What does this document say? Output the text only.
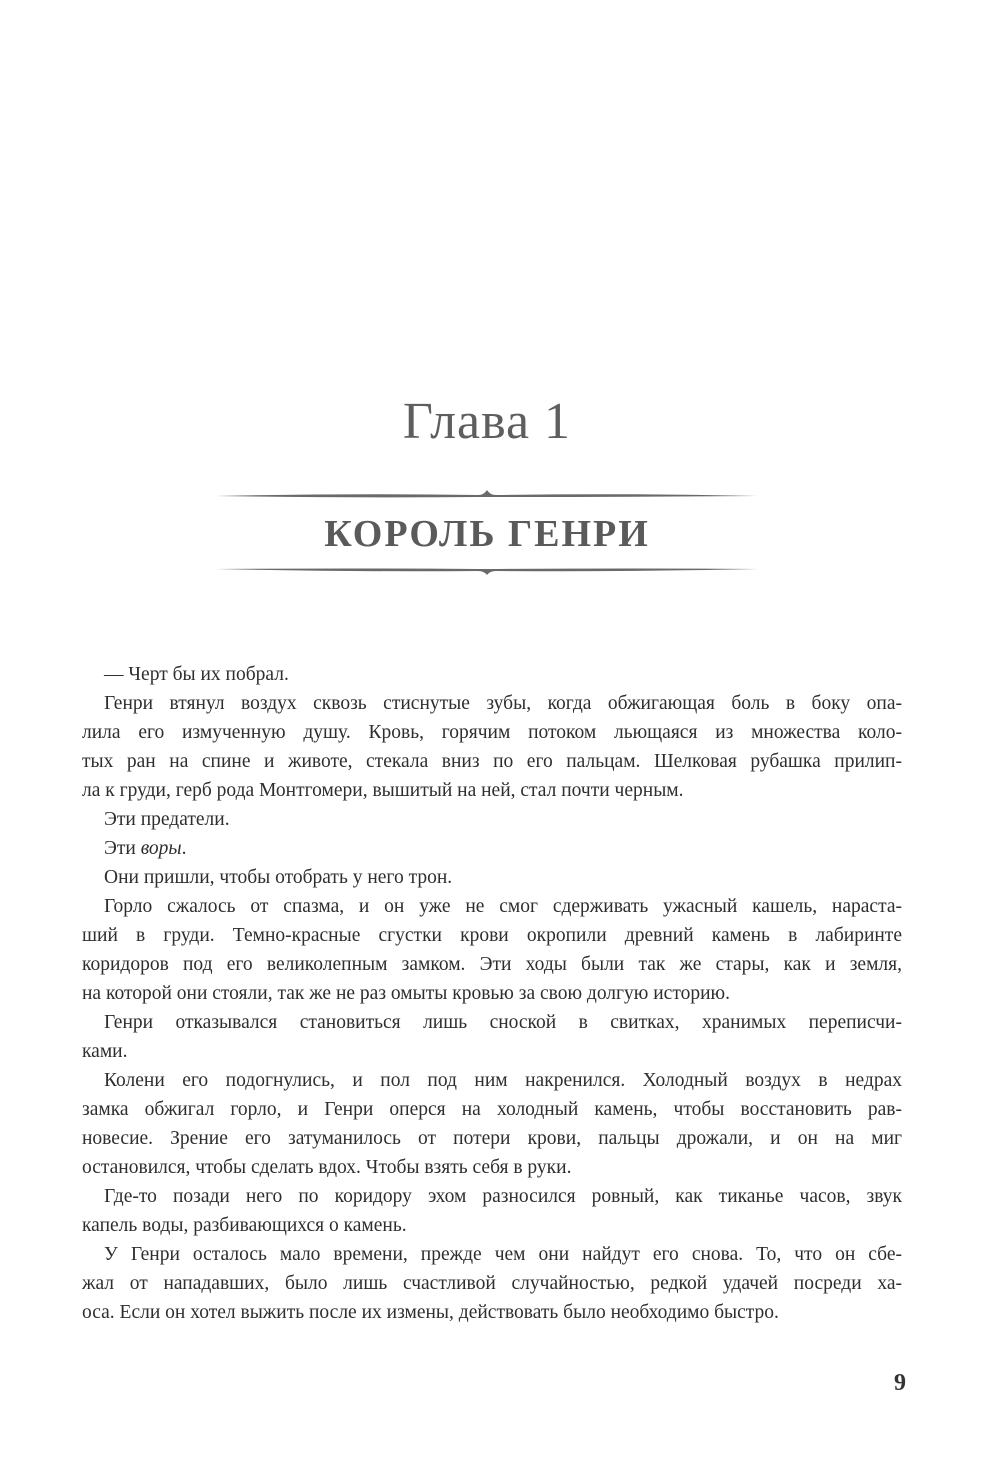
Глава 1
КОРОЛЬ ГЕНРИ
— Черт бы их побрал.
Генри втянул воздух сквозь стиснутые зубы, когда обжигающая боль в боку опа-
лила его измученную душу. Кровь, горячим потоком льющаяся из множества коло-
тых ран на спине и животе, стекала вниз по его пальцам. Шелковая рубашка прилип-
ла к груди, герб рода Монтгомери, вышитый на ней, стал почти черным.
Эти предатели.
Эти воры.
Они пришли, чтобы отобрать у него трон.
Горло сжалось от спазма, и он уже не смог сдерживать ужасный кашель, нараста-
ший в груди. Темно-красные сгустки крови окропили древний камень в лабиринте
коридоров под его великолепным замком. Эти ходы были так же стары, как и земля,
на которой они стояли, так же не раз омыты кровью за свою долгую историю.
Генри отказывался становиться лишь сноской в свитках, хранимых переписчи-
ками.
Колени его подогнулись, и пол под ним накренился. Холодный воздух в недрах
замка обжигал горло, и Генри оперся на холодный камень, чтобы восстановить рав-
новесие. Зрение его затуманилось от потери крови, пальцы дрожали, и он на миг
остановился, чтобы сделать вдох. Чтобы взять себя в руки.
Где-то позади него по коридору эхом разносился ровный, как тиканье часов, звук
капель воды, разбивающихся о камень.
У Генри осталось мало времени, прежде чем они найдут его снова. То, что он сбе-
жал от нападавших, было лишь счастливой случайностью, редкой удачей посреди ха-
оса. Если он хотел выжить после их измены, действовать было необходимо быстро.
9
